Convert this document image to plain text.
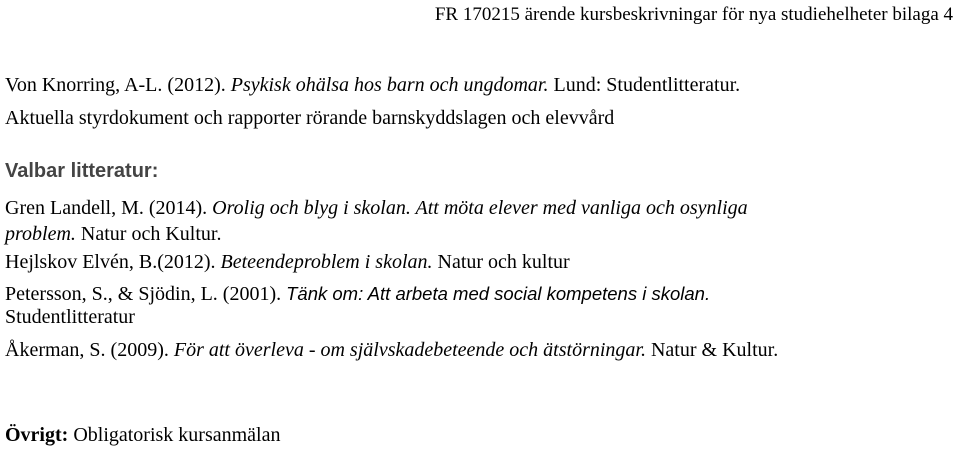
FR 170215 ärende kursbeskrivningar för nya studiehelheter bilaga 4
Von Knorring, A-L. (2012). Psykisk ohälsa hos barn och ungdomar. Lund: Studentlitteratur.
Aktuella styrdokument och rapporter rörande barnskyddslagen och elevvård
Valbar litteratur:
Gren Landell, M. (2014). Orolig och blyg i skolan. Att möta elever med vanliga och osynliga
problem. Natur och Kultur.
Hejlskov Elvén, B.(2012). Beteendeproblem i skolan. Natur och kultur
Petersson, S., & Sjödin, L. (2001). Tänk om: Att arbeta med social kompetens i skolan.
Studentlitteratur
Åkerman, S. (2009). För att överleva - om självskadebeteende och ätstörningar. Natur & Kultur.
Övrigt: Obligatorisk kursanmälan
